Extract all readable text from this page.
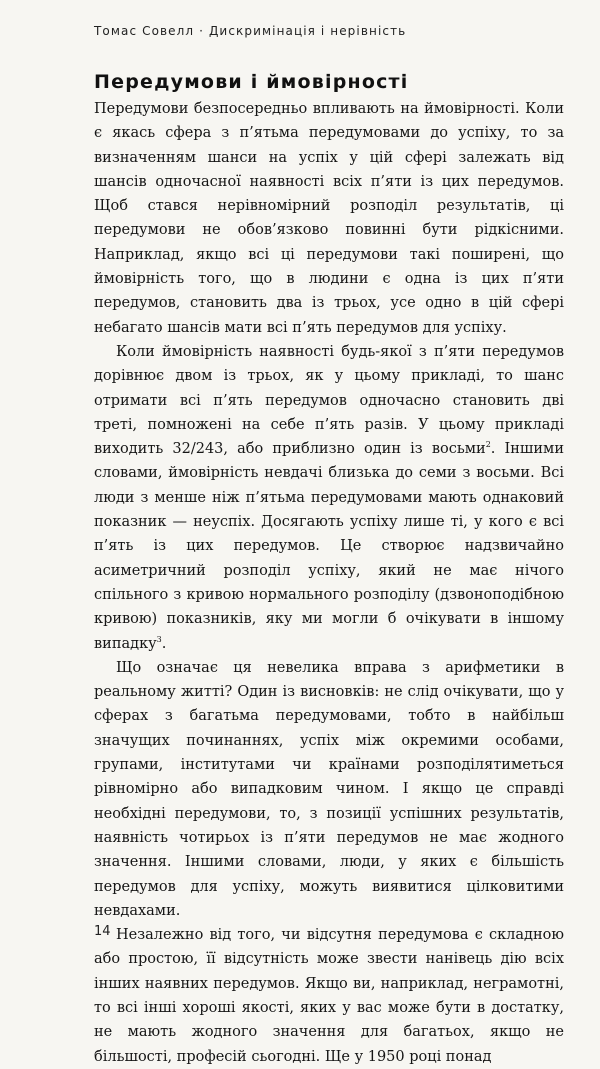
Томас Совелл · Дискримінація і нерівність
Передумови і ймовірності

Передумови безпосередньо впливають на ймовірності. Коли є якась сфера з п’ятьма передумовами до успіху, то за визначенням шанси на успіх у цій сфері залежать від шансів одночасної наявності всіх п’яти із цих передумов. Щоб стався нерівномірний розподіл результатів, ці передумови не обов’язково повинні бути рідкісними. Наприклад, якщо всі ці передумови такі поширені, що ймовірність того, що в людини є одна із цих п’яти передумов, становить два із трьох, усе одно в цій сфері небагато шансів мати всі п’ять передумов для успіху.

Коли ймовірність наявності будь-якої з п’яти передумов дорівнює двом із трьох, як у цьому прикладі, то шанс отримати всі п’ять передумов одночасно становить дві треті, помножені на себе п’ять разів. У цьому прикладі виходить 32/243, або приблизно один із восьми$^2$. Іншими словами, ймовірність невдачі близька до семи з восьми. Всі люди з менше ніж п’ятьма передумовами мають однаковий показник — неуспіх. Досягають успіху лише ті, у кого є всі п’ять із цих передумов. Це створює надзвичайно асиметричний розподіл успіху, який не має нічого спільного з кривою нормального розподілу (дзвоноподібною кривою) показників, яку ми могли б очікувати в іншому випадку$^3$.

Що означає ця невелика вправа з арифметики в реальному житті? Один із висновків: не слід очікувати, що у сферах з багатьма передумовами, тобто в найбільш значущих починаннях, успіх між окремими особами, групами, інститутами чи країнами розподілятиметься рівномірно або випадковим чином. І якщо це справді необхідні передумови, то, з позиції успішних результатів, наявність чотирьох із п’яти передумов не має жодного значення. Іншими словами, люди, у яких є більшість передумов для успіху, можуть виявитися цілковитими невдахами.

Незалежно від того, чи відсутня передумова є складною або простою, її відсутність може звести нанівець дію всіх інших наявних передумов. Якщо ви, наприклад, неграмотні, то всі інші хороші якості, яких у вас може бути в достатку, не мають жодного значення для багатьох, якщо не більшості, професій сьогодні. Ще у 1950 році понад

14
